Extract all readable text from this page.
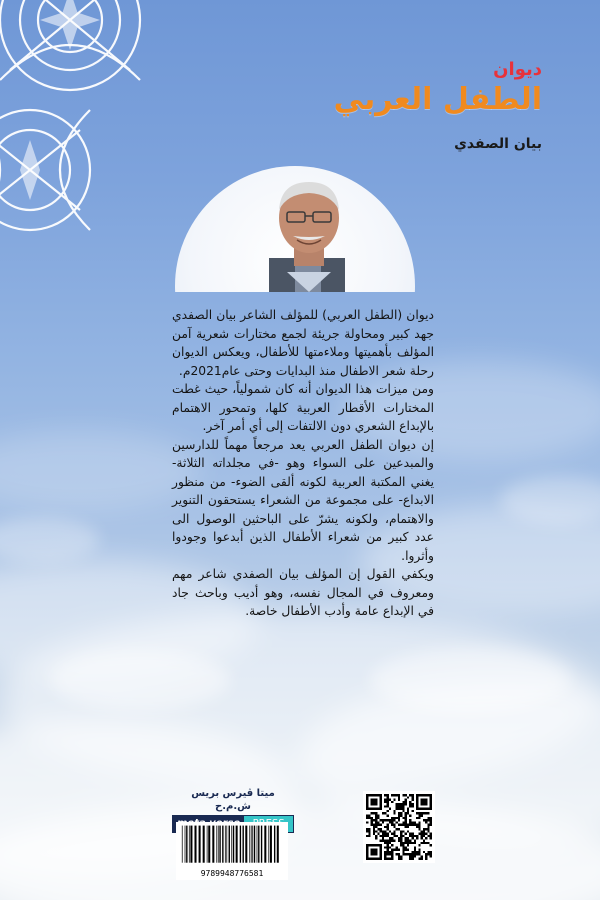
ديوان
الطفل العربي
بيان الصفدي

ديوان (الطفل العربي) للمؤلف الشاعر بيان الصفدي جهد كبير ومحاولة جريئة لجمع مختارات شعرية آمن المؤلف بأهميتها وملاءمتها للأطفال، ويعكس الديوان رحلة شعر الاطفال منذ البدايات وحتى عام2021م.

ومن ميزات هذا الديوان أنه كان شمولياً، حيث غطت المختارات الأقطار العربية كلها، وتمحور الاهتمام بالإبداع الشعري دون الالتفات إلى أي أمر آخر.

إن ديوان الطفل العربي يعد مرجعاً مهماً للدارسين والمبدعين على السواء وهو -في مجلداته الثلاثة- يغني المكتبة العربية لكونه ألقى الضوء- من منظور الابداع- على مجموعة من الشعراء يستحقون التنوير والاهتمام، ولكونه يشرّ على الباحثين الوصول الى عدد كبير من شعراء الأطفال الذين أبدعوا وجودوا وأثروا.

ويكفي القول إن المؤلف بيان الصفدي شاعر مهم ومعروف في المجال نفسه، وهو أديب وباحث جاد في الإبداع عامة وأدب الأطفال خاصة.

ميتا ڤيرس بريس ش.م.ح
9789948776581
